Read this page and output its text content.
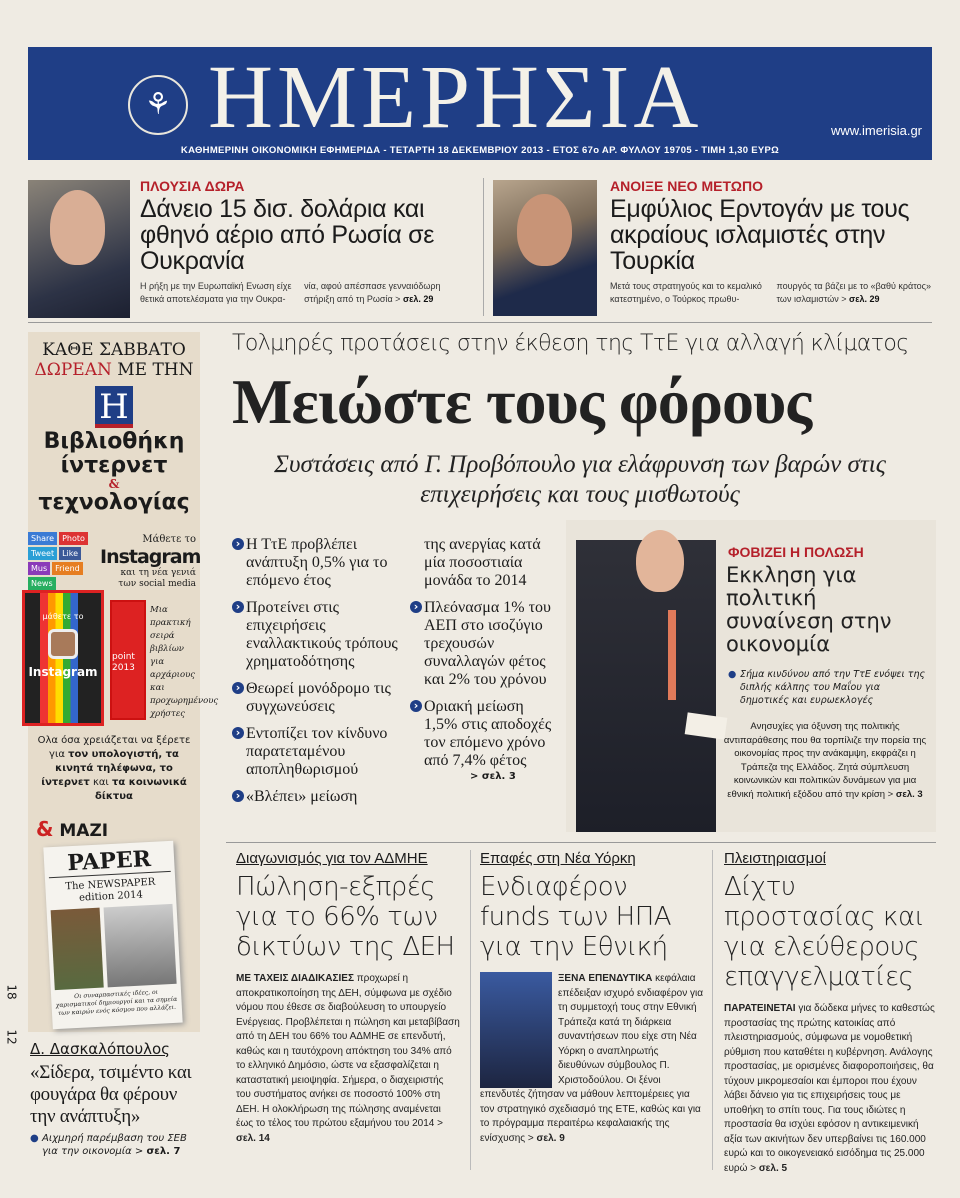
⚘ ΗΜΕΡΗΣΙΑ	www.imerisia.gr
ΚΑΘΗΜΕΡΙΝΗ ΟΙΚΟΝΟΜΙΚΗ ΕΦΗΜΕΡΙΔΑ - ΤΕΤΑΡΤΗ 18 ΔΕΚΕΜΒΡΙΟΥ 2013 - ΕΤΟΣ 67ο ΑΡ. ΦΥΛΛΟΥ 19705 - ΤΙΜΗ 1,30 ΕΥΡΩ
ΠΛΟΥΣΙΑ ΔΩΡΑ
Δάνειο 15 δισ. δολάρια και φθηνό αέριο από Ρωσία σε Ουκρανία
Η ρήξη με την Ευρωπαϊκή Ενωση είχε θετικά αποτελέσματα για την Ουκρα-
νία, αφού απέσπασε γενναιόδωρη στήριξη από τη Ρωσία > σελ. 29
ΑΝΟΙΞΕ ΝΕΟ ΜΕΤΩΠΟ
Εμφύλιος Ερντογάν με τους ακραίους ισλαμιστές στην Τουρκία
Μετά τους στρατηγούς και το κεμαλικό κατεστημένο, ο Τούρκος πρωθυ-
πουργός τα βάζει με το «βαθύ κράτος» των ισλαμιστών > σελ. 29
ΚΑΘΕ ΣΑΒΒΑΤΟ
ΔΩΡΕΑΝ ΜΕ ΤΗΝ
Η
Βιβλιοθήκη
ίντερνετ
&
τεχνολογίας
Share	Photo
Tweet	Like
Mus	Friend
News
Μάθετε το
Instagram
και τη νέα γενιά των social media
point 2013
μάθετε το
Instagram
Μια πρακτική σειρά βιβλίων για αρχάριους και προχωρημένους χρήστες
Ολα όσα χρειάζεται να ξέρετε για τον υπολογιστή, τα κινητά τηλέφωνα, το ίντερνετ και τα κοινωνικά δίκτυα
& ΜΑΖΙ
PAPER
The NEWSPAPER edition 2014
Οι συναρπαστικές ιδέες, οι χαρισματικοί δημιουργοί και τα σημεία των καιρών ενός κόσμου που αλλάζει.
18
12
Δ. Δασκαλόπουλος
«Σίδερα, τσιμέντο και φουγάρα θα φέρουν την ανάπτυξη»
● Αιχμηρή παρέμβαση του ΣΕΒ για την οικονομία > σελ. 7
Τολμηρές προτάσεις στην έκθεση της ΤτΕ για αλλαγή κλίματος
Μειώστε τους φόρους
Συστάσεις από Γ. Προβόπουλο για ελάφρυνση των βαρών στις επιχειρήσεις και τους μισθωτούς
› Η ΤτΕ προβλέπει ανάπτυξη 0,5% για το επόμενο έτος
› Προτείνει στις επιχειρήσεις εναλλακτικούς τρόπους χρηματοδότησης
› Θεωρεί μονόδρομο τις συγχωνεύσεις
› Εντοπίζει τον κίνδυνο παρατεταμένου αποπληθωρισμού
› «Βλέπει» μείωση
της ανεργίας κατά μία ποσοστιαία μονάδα το 2014
› Πλεόνασμα 1% του ΑΕΠ στο ισοζύγιο τρεχουσών συναλλαγών φέτος και 2% του χρόνου
› Οριακή μείωση 1,5% στις αποδοχές τον επόμενο χρόνο από 7,4% φέτος
> σελ. 3
ΦΟΒΙΖΕΙ Η ΠΟΛΩΣΗ
Εκκληση για πολιτική συναίνεση στην οικονομία
● Σήμα κινδύνου από την ΤτΕ ενόψει της διπλής κάλπης του Μαΐου για δημοτικές και ευρωεκλογές
Ανησυχίες για όξυνση της πολιτικής αντιπαράθεσης που θα τορπίλιζε την πορεία της οικονομίας προς την ανάκαμψη, εκφράζει η Τράπεζα της Ελλάδος. Ζητά σύμπλευση κοινωνικών και πολιτικών δυνάμεων για μια εθνική πολιτική εξόδου από την κρίση > σελ. 3
Διαγωνισμός για τον ΑΔΜΗΕ
Πώληση-εξπρές για το 66% των δικτύων της ΔΕΗ
ΜΕ ΤΑΧΕΙΣ ΔΙΑΔΙΚΑΣΙΕΣ προχωρεί η αποκρατικοποίηση της ΔΕΗ, σύμφωνα με σχέδιο νόμου που έθεσε σε διαβούλευση το υπουργείο Ενέργειας. Προβλέπεται η πώληση και μεταβίβαση από τη ΔΕΗ του 66% του ΑΔΜΗΕ σε επενδυτή, καθώς και η ταυτόχρονη απόκτηση του 34% από το ελληνικό Δημόσιο, ώστε να εξασφαλίζεται η καταστατική μειοψηφία. Σήμερα, ο διαχειριστής του συστήματος ανήκει σε ποσοστό 100% στη ΔΕΗ. Η ολοκλήρωση της πώλησης αναμένεται έως το τέλος του πρώτου εξαμήνου του 2014 > σελ. 14
Επαφές στη Νέα Υόρκη
Ενδιαφέρον funds των ΗΠΑ για την Εθνική
ΞΕΝΑ ΕΠΕΝΔΥΤΙΚΑ κεφάλαια επέδειξαν ισχυρό ενδιαφέρον για τη συμμετοχή τους στην Εθνική Τράπεζα κατά τη διάρκεια συναντήσεων που είχε στη Νέα Υόρκη ο αναπληρωτής διευθύνων σύμβουλος Π. Χριστοδούλου. Οι ξένοι επενδυτές ζήτησαν να μάθουν λεπτομέρειες για τον στρατηγικό σχεδιασμό της ΕΤΕ, καθώς και για το πρόγραμμα περαιτέρω κεφαλαιακής της ενίσχυσης > σελ. 9
Πλειστηριασμοί
Δίχτυ προστασίας και για ελεύθερους επαγγελματίες
ΠΑΡΑΤΕΙΝΕΤΑΙ για δώδεκα μήνες το καθεστώς προστασίας της πρώτης κατοικίας από πλειστηριασμούς, σύμφωνα με νομοθετική ρύθμιση που καταθέτει η κυβέρνηση. Ανάλογης προστασίας, με ορισμένες διαφοροποιήσεις, θα τύχουν μικρομεσαίοι και έμποροι που έχουν λάβει δάνειο για τις επιχειρήσεις τους με υποθήκη το σπίτι τους. Για τους ιδιώτες η προστασία θα ισχύει εφόσον η αντικειμενική αξία των ακινήτων δεν υπερβαίνει τις 160.000 ευρώ και το οικογενειακό εισόδημα τις 25.000 ευρώ > σελ. 5
